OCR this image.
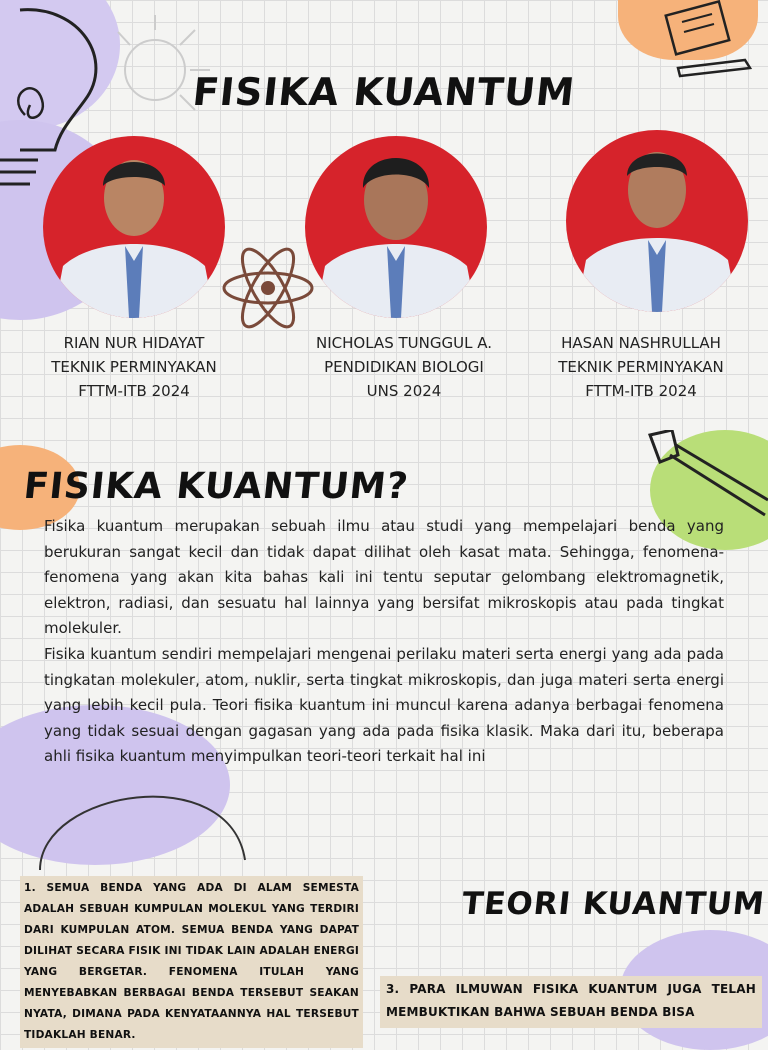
FISIKA KUANTUM
RIAN NUR HIDAYAT
TEKNIK PERMINYAKAN
FTTM-ITB 2024
NICHOLAS TUNGGUL A.
PENDIDIKAN BIOLOGI
UNS 2024
HASAN NASHRULLAH
TEKNIK PERMINYAKAN
FTTM-ITB 2024
FISIKA KUANTUM?

Fisika kuantum merupakan sebuah ilmu atau studi yang mempelajari benda yang berukuran sangat kecil dan tidak dapat dilihat oleh kasat mata. Sehingga, fenomena-fenomena yang akan kita bahas kali ini tentu seputar gelombang elektromagnetik, elektron, radiasi, dan sesuatu hal lainnya yang bersifat mikroskopis atau pada tingkat molekuler.

Fisika kuantum sendiri mempelajari mengenai perilaku materi serta energi yang ada pada tingkatan molekuler, atom, nuklir, serta tingkat mikroskopis, dan juga materi serta energi yang lebih kecil pula. Teori fisika kuantum ini muncul karena adanya berbagai fenomena yang tidak sesuai dengan gagasan yang ada pada fisika klasik. Maka dari itu, beberapa ahli fisika kuantum menyimpulkan teori-teori terkait hal ini

1. SEMUA BENDA YANG ADA DI ALAM SEMESTA ADALAH SEBUAH KUMPULAN MOLEKUL YANG TERDIRI DARI KUMPULAN ATOM. SEMUA BENDA YANG DAPAT DILIHAT SECARA FISIK INI TIDAK LAIN ADALAH ENERGI YANG BERGETAR. FENOMENA ITULAH YANG MENYEBABKAN BERBAGAI BENDA TERSEBUT SEAKAN NYATA, DIMANA PADA KENYATAANNYA HAL TERSEBUT TIDAKLAH BENAR.
TEORI KUANTUM
3. PARA ILMUWAN FISIKA KUANTUM JUGA TELAH MEMBUKTIKAN BAHWA SEBUAH BENDA BISA
